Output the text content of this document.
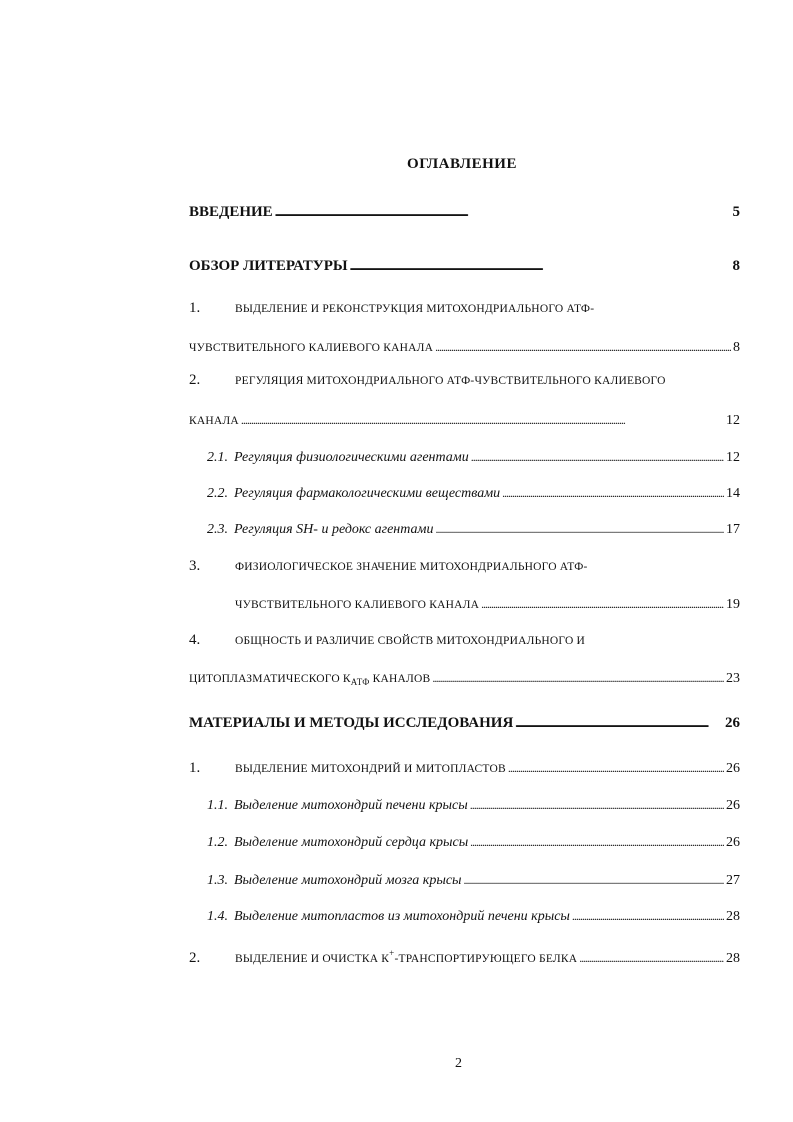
ОГЛАВЛЕНИЕ
ВВЕДЕНИЕ . . .	5
ОБЗОР ЛИТЕРАТУРЫ . . .	8
1.	ВЫДЕЛЕНИЕ И РЕКОНСТРУКЦИЯ МИТОХОНДРИАЛЬНОГО АТФ-
ЧУВСТВИТЕЛЬНОГО КАЛИЕВОГО КАНАЛА . . .	8
2.	РЕГУЛЯЦИЯ МИТОХОНДРИАЛЬНОГО АТФ-ЧУВСТВИТЕЛЬНОГО КАЛИЕВОГО
КАНАЛА . . .	12
2.1. Регуляция физиологическими агентами . . .	12
2.2. Регуляция фармакологическими веществами . . .	14
2.3. Регуляция SH- и редокс агентами . . .	17
3.	ФИЗИОЛОГИЧЕСКОЕ ЗНАЧЕНИЕ МИТОХОНДРИАЛЬНОГО АТФ-
ЧУВСТВИТЕЛЬНОГО КАЛИЕВОГО КАНАЛА . . .	19
4.	ОБЩНОСТЬ И РАЗЛИЧИЕ СВОЙСТВ МИТОХОНДРИАЛЬНОГО И
ЦИТОПЛАЗМАТИЧЕСКОГО $К_{АТФ}$ КАНАЛОВ . . .	23
МАТЕРИАЛЫ И МЕТОДЫ ИССЛЕДОВАНИЯ . . .	26
1.	ВЫДЕЛЕНИЕ МИТОХОНДРИЙ И МИТОПЛАСТОВ . . .	26
1.1. Выделение митохондрий печени крысы . . .	26
1.2. Выделение митохондрий сердца крысы . . .	26
1.3. Выделение митохондрий мозга крысы . . .	27
1.4. Выделение митопластов из митохондрий печени крысы . . .	28
2.	ВЫДЕЛЕНИЕ И ОЧИСТКА К+-ТРАНСПОРТИРУЮЩЕГО БЕЛКА . . .	28
2
